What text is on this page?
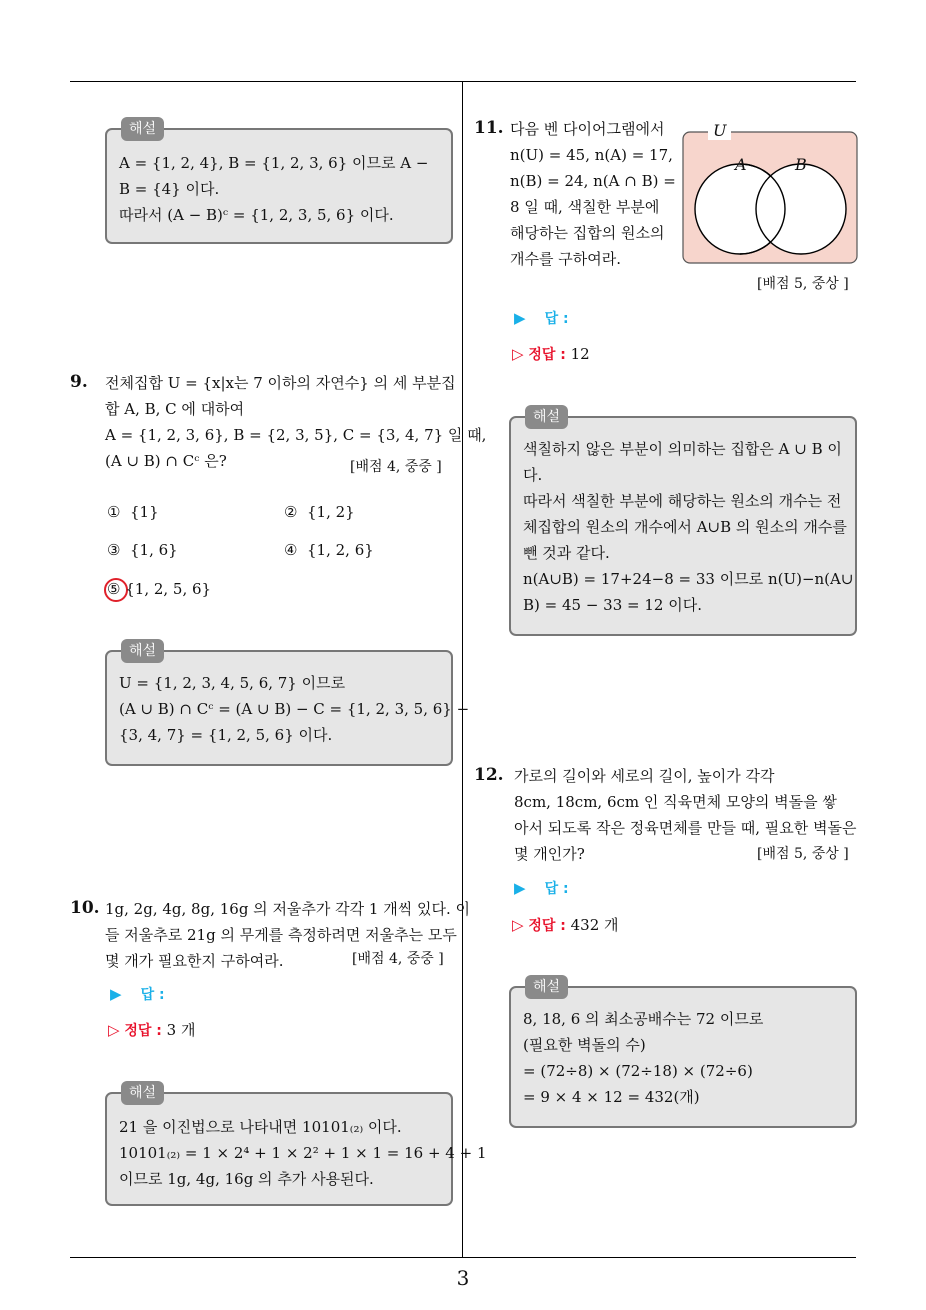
3
해설
A = {1, 2, 4}, B = {1, 2, 3, 6} 이므로 A −
B = {4} 이다.
따라서 (A − B)ᶜ = {1, 2, 3, 5, 6} 이다.
9. 전체집합 U = {x|x는 7 이하의 자연수} 의 세 부분집
합 A, B, C 에 대하여
A = {1, 2, 3, 6}, B = {2, 3, 5}, C = {3, 4, 7} 일 때,
(A ∪ B) ∩ Cᶜ 은?	[배점 4, 중중 ]
① {1}	② {1, 2}
③ {1, 6}	④ {1, 2, 6}
⑤ {1, 2, 5, 6}
해설
U = {1, 2, 3, 4, 5, 6, 7} 이므로
(A ∪ B) ∩ Cᶜ = (A ∪ B) − C = {1, 2, 3, 5, 6} −
{3, 4, 7} = {1, 2, 5, 6} 이다.
10. 1g, 2g, 4g, 8g, 16g 의 저울추가 각각 1 개씩 있다. 이
들 저울추로 21g 의 무게를 측정하려면 저울추는 모두
몇 개가 필요한지 구하여라.	[배점 4, 중중 ]
▶ 답 :
▷ 정답 : 3 개
해설
21 을 이진법으로 나타내면 10101₍₂₎ 이다.
10101₍₂₎ = 1 × 2⁴ + 1 × 2² + 1 × 1 = 16 + 4 + 1
이므로 1g, 4g, 16g 의 추가 사용된다.
11. 다음 벤 다이어그램에서
n(U) = 45, n(A) = 17,
n(B) = 24, n(A ∩ B) =
8 일 때, 색칠한 부분에
해당하는 집합의 원소의
개수를 구하여라.
U
A	B
[배점 5, 중상 ]
▶ 답 :
▷ 정답 : 12
해설
색칠하지 않은 부분이 의미하는 집합은 A ∪ B 이
다.
따라서 색칠한 부분에 해당하는 원소의 개수는 전
체집합의 원소의 개수에서 A∪B 의 원소의 개수를
뺀 것과 같다.
n(A∪B) = 17+24−8 = 33 이므로 n(U)−n(A∪
B) = 45 − 33 = 12 이다.
12. 가로의 길이와 세로의 길이, 높이가 각각
8cm, 18cm, 6cm 인 직육면체 모양의 벽돌을 쌓
아서 되도록 작은 정육면체를 만들 때, 필요한 벽돌은
몇 개인가?	[배점 5, 중상 ]
▶ 답 :
▷ 정답 : 432 개
해설
8, 18, 6 의 최소공배수는 72 이므로
(필요한 벽돌의 수)
= (72÷8) × (72÷18) × (72÷6)
= 9 × 4 × 12 = 432(개)
